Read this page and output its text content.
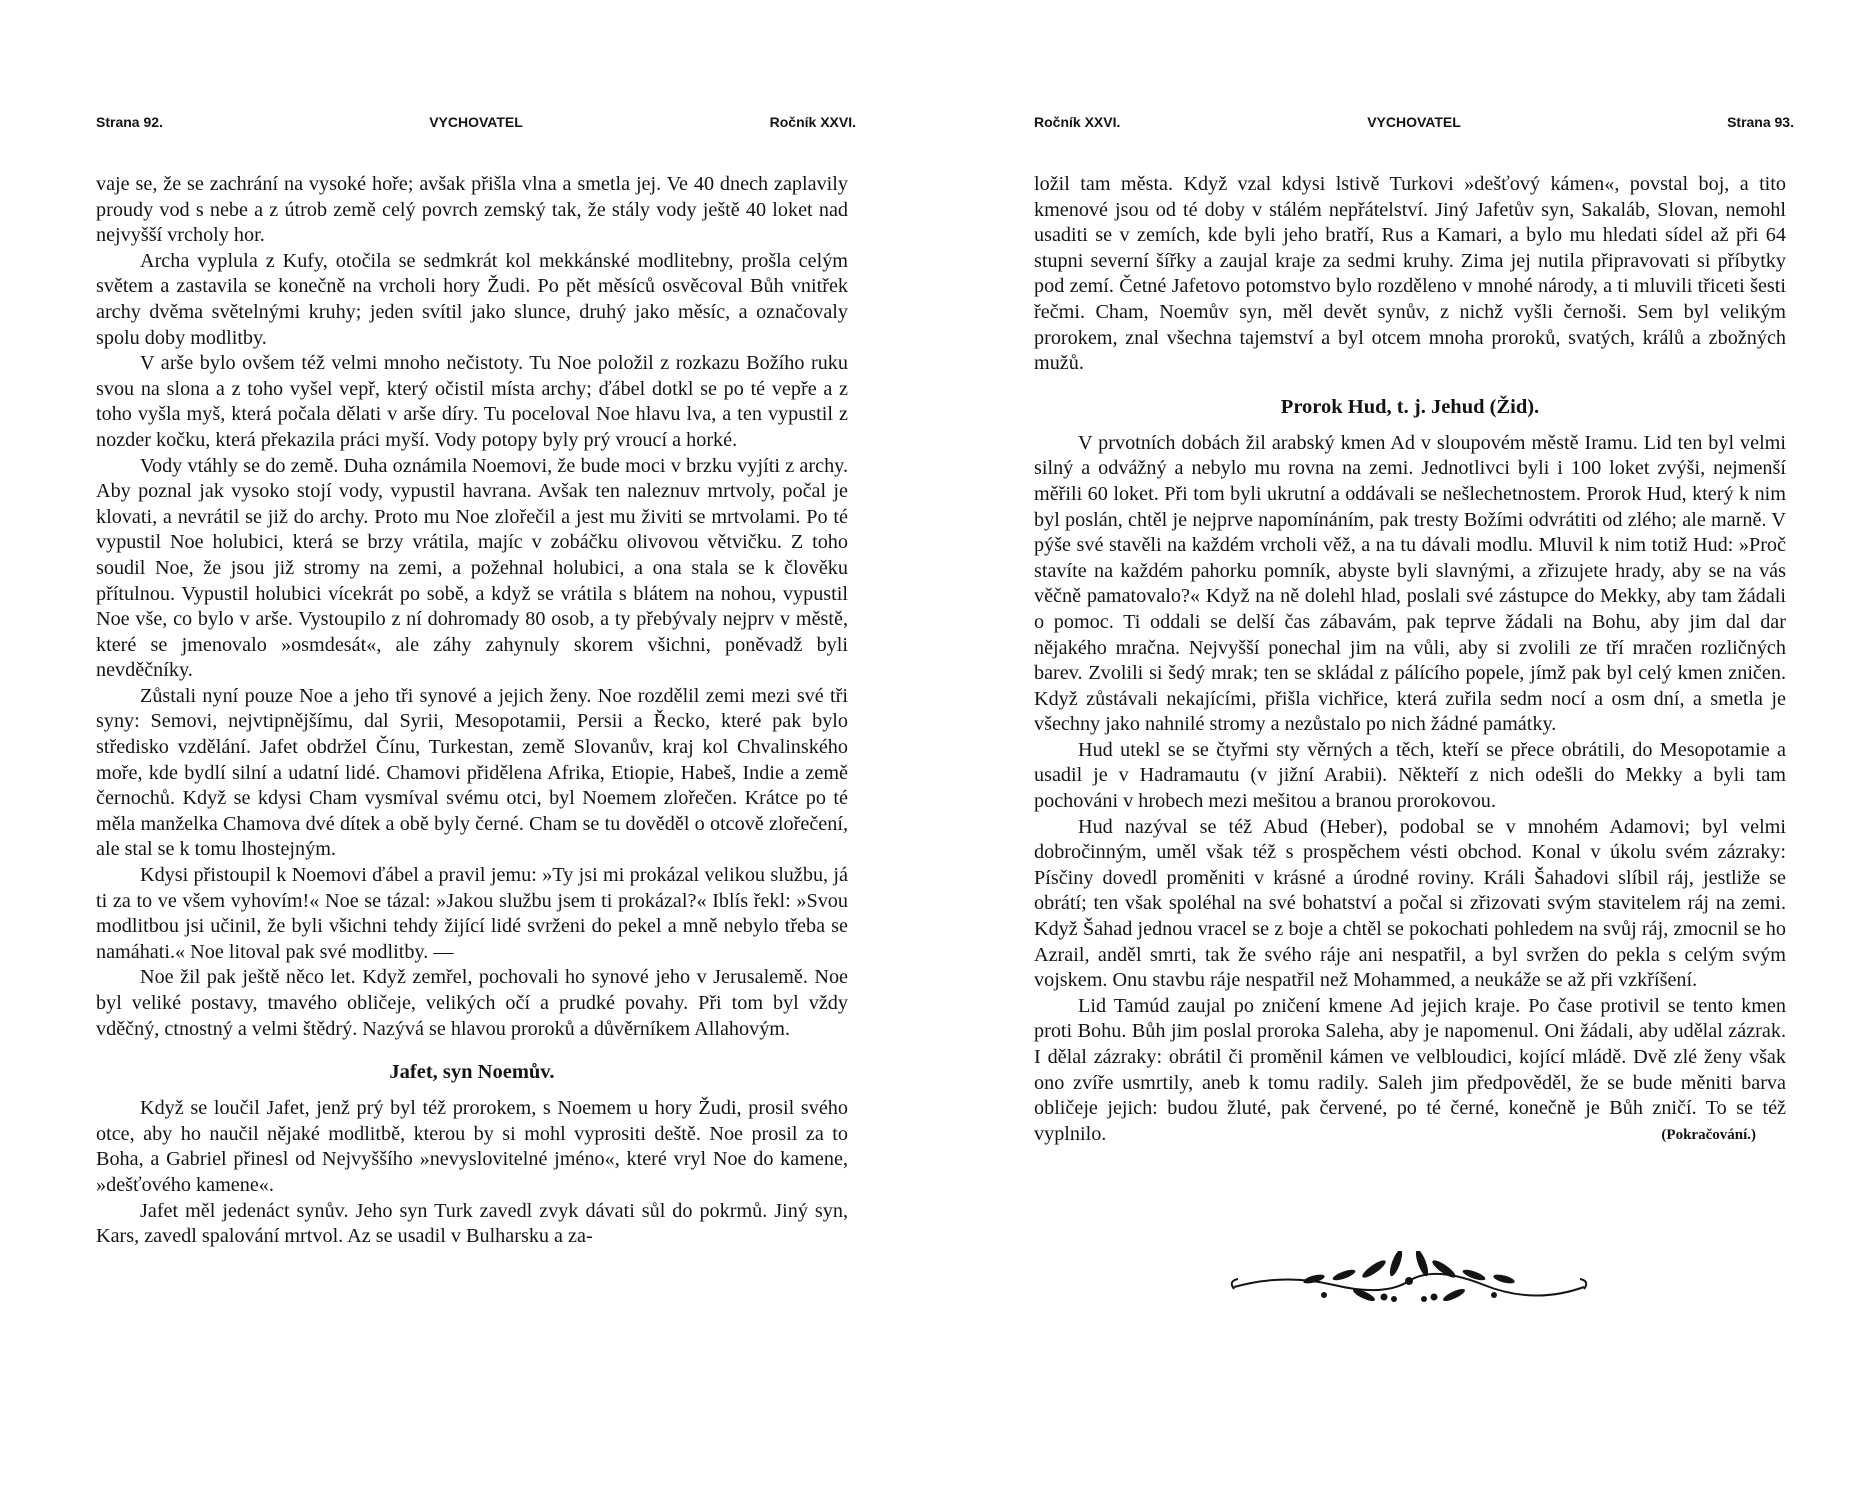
Strana 92.	VYCHOVATEL	Ročník XXVI.

vaje se, že se zachrání na vysoké hoře; avšak přišla vlna a smetla jej. Ve 40 dnech zaplavily proudy vod s nebe a z útrob země celý povrch zemský tak, že stály vody ještě 40 loket nad nejvyšší vrcholy hor.

Archa vyplula z Kufy, otočila se sedmkrát kol mekkánské modlitebny, prošla celým světem a zastavila se konečně na vrcholi hory Žudi. Po pět měsíců osvěcoval Bůh vnitřek archy dvěma světelnými kruhy; jeden svítil jako slunce, druhý jako měsíc, a označovaly spolu doby modlitby.

V arše bylo ovšem též velmi mnoho nečistoty. Tu Noe položil z rozkazu Božího ruku svou na slona a z toho vyšel vepř, který očistil místa archy; ďábel dotkl se po té vepře a z toho vyšla myš, která počala dělati v arše díry. Tu poceloval Noe hlavu lva, a ten vypustil z nozder kočku, která překazila práci myší. Vody potopy byly prý vroucí a horké.

Vody vtáhly se do země. Duha oznámila Noemovi, že bude moci v brzku vyjíti z archy. Aby poznal jak vysoko stojí vody, vypustil havrana. Avšak ten naleznuv mrtvoly, počal je klovati, a nevrátil se již do archy. Proto mu Noe zlořečil a jest mu živiti se mrtvolami. Po té vypustil Noe holubici, která se brzy vrátila, majíc v zobáčku olivovou větvičku. Z toho soudil Noe, že jsou již stromy na zemi, a požehnal holubici, a ona stala se k člověku přítulnou. Vypustil holubici vícekrát po sobě, a když se vrátila s blátem na nohou, vypustil Noe vše, co bylo v arše. Vystoupilo z ní dohromady 80 osob, a ty přebývaly nejprv v městě, které se jmenovalo »osmdesát«, ale záhy zahynuly skorem všichni, poněvadž byli nevděčníky.

Zůstali nyní pouze Noe a jeho tři synové a jejich ženy. Noe rozdělil zemi mezi své tři syny: Semovi, nejvtipnějšímu, dal Syrii, Mesopotamii, Persii a Řecko, které pak bylo středisko vzdělání. Jafet obdržel Čínu, Turkestan, země Slovanův, kraj kol Chvalinského moře, kde bydlí silní a udatní lidé. Chamovi přidělena Afrika, Etiopie, Habeš, Indie a země černochů. Když se kdysi Cham vysmíval svému otci, byl Noemem zlořečen. Krátce po té měla manželka Chamova dvé dítek a obě byly černé. Cham se tu dověděl o otcově zlořečení, ale stal se k tomu lhostejným.

Kdysi přistoupil k Noemovi ďábel a pravil jemu: »Ty jsi mi prokázal velikou službu, já ti za to ve všem vyhovím!« Noe se tázal: »Jakou službu jsem ti prokázal?« Iblís řekl: »Svou modlitbou jsi učinil, že byli všichni tehdy žijící lidé svrženi do pekel a mně nebylo třeba se namáhati.« Noe litoval pak své modlitby. —

Noe žil pak ještě něco let. Když zemřel, pochovali ho synové jeho v Jerusalemě. Noe byl veliké postavy, tmavého obličeje, velikých očí a prudké povahy. Při tom byl vždy vděčný, ctnostný a velmi štědrý. Nazývá se hlavou proroků a důvěrníkem Allahovým.

Jafet, syn Noemův.

Když se loučil Jafet, jenž prý byl též prorokem, s Noemem u hory Žudi, prosil svého otce, aby ho naučil nějaké modlitbě, kterou by si mohl vyprositi deště. Noe prosil za to Boha, a Gabriel přinesl od Nejvyššího »nevyslovitelné jméno«, které vryl Noe do kamene, »dešťového kamene«.

Jafet měl jedenáct synův. Jeho syn Turk zavedl zvyk dávati sůl do pokrmů. Jiný syn, Kars, zavedl spalování mrtvol. Az se usadil v Bulharsku a za-

Ročník XXVI.	VYCHOVATEL	Strana 93.

ložil tam města. Když vzal kdysi lstivě Turkovi »dešťový kámen«, povstal boj, a tito kmenové jsou od té doby v stálém nepřátelství. Jiný Jafetův syn, Sakaláb, Slovan, nemohl usaditi se v zemích, kde byli jeho bratří, Rus a Kamari, a bylo mu hledati sídel až při 64 stupni severní šířky a zaujal kraje za sedmi kruhy. Zima jej nutila připravovati si příbytky pod zemí. Četné Jafetovo potomstvo bylo rozděleno v mnohé národy, a ti mluvili třiceti šesti řečmi. Cham, Noemův syn, měl devět synův, z nichž vyšli černoši. Sem byl velikým prorokem, znal všechna tajemství a byl otcem mnoha proroků, svatých, králů a zbožných mužů.

Prorok Hud, t. j. Jehud (Žid).

V prvotních dobách žil arabský kmen Ad v sloupovém městě Iramu. Lid ten byl velmi silný a odvážný a nebylo mu rovna na zemi. Jednotlivci byli i 100 loket zvýši, nejmenší měřili 60 loket. Při tom byli ukrutní a oddávali se nešlechetnostem. Prorok Hud, který k nim byl poslán, chtěl je nejprve napomínáním, pak tresty Božími odvrátiti od zlého; ale marně. V pýše své stavěli na každém vrcholi věž, a na tu dávali modlu. Mluvil k nim totiž Hud: »Proč stavíte na každém pahorku pomník, abyste byli slavnými, a zřizujete hrady, aby se na vás věčně pamatovalo?« Když na ně dolehl hlad, poslali své zástupce do Mekky, aby tam žádali o pomoc. Ti oddali se delší čas zábavám, pak teprve žádali na Bohu, aby jim dal dar nějakého mračna. Nejvyšší ponechal jim na vůli, aby si zvolili ze tří mračen rozličných barev. Zvolili si šedý mrak; ten se skládal z pálícího popele, jímž pak byl celý kmen zničen. Když zůstávali nekajícími, přišla vichřice, která zuřila sedm nocí a osm dní, a smetla je všechny jako nahnilé stromy a nezůstalo po nich žádné památky.

Hud utekl se se čtyřmi sty věrných a těch, kteří se přece obrátili, do Mesopotamie a usadil je v Hadramautu (v jižní Arabii). Někteří z nich odešli do Mekky a byli tam pochováni v hrobech mezi mešitou a branou prorokovou.

Hud nazýval se též Abud (Heber), podobal se v mnohém Adamovi; byl velmi dobročinným, uměl však též s prospěchem vésti obchod. Konal v úkolu svém zázraky: Písčiny dovedl proměniti v krásné a úrodné roviny. Králi Šahadovi slíbil ráj, jestliže se obrátí; ten však spoléhal na své bohatství a počal si zřizovati svým stavitelem ráj na zemi. Když Šahad jednou vracel se z boje a chtěl se pokochati pohledem na svůj ráj, zmocnil se ho Azrail, anděl smrti, tak že svého ráje ani nespatřil, a byl svržen do pekla s celým svým vojskem. Onu stavbu ráje nespatřil než Mohammed, a neukáže se až při vzkříšení.

Lid Tamúd zaujal po zničení kmene Ad jejich kraje. Po čase protivil se tento kmen proti Bohu. Bůh jim poslal proroka Saleha, aby je napomenul. Oni žádali, aby udělal zázrak. I dělal zázraky: obrátil či proměnil kámen ve velbloudici, kojící mládě. Dvě zlé ženy však ono zvíře usmrtily, aneb k tomu radily. Saleh jim předpověděl, že se bude měniti barva obličeje jejich: budou žluté, pak červené, po té černé, konečně je Bůh zničí. To se též vyplnilo.	(Pokračování.)
